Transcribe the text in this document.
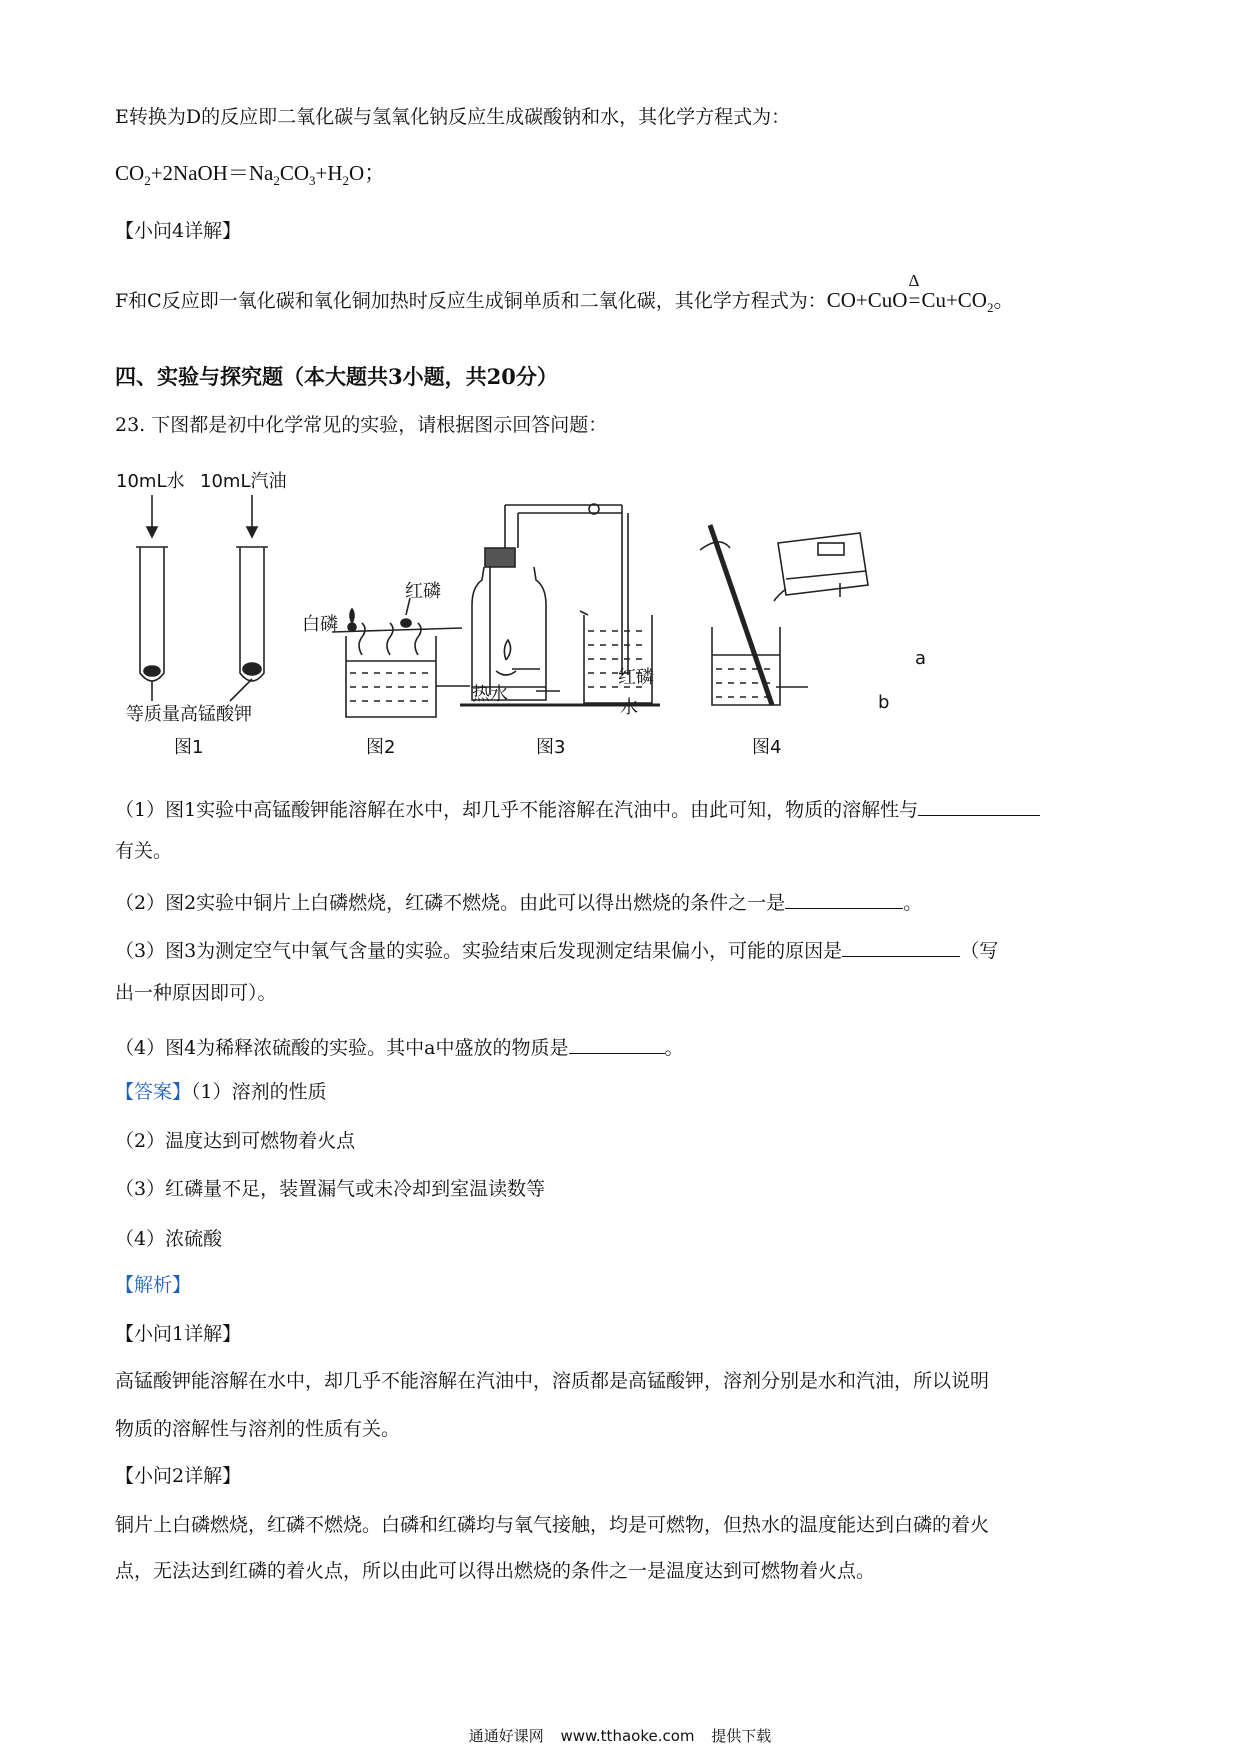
E转换为D的反应即二氧化碳与氢氧化钠反应生成碳酸钠和水，其化学方程式为：
$CO_2+2NaOH=Na_2CO_3+H_2O$；
【小问4详解】
F和C反应即一氧化碳和氧化铜加热时反应生成铜单质和二氧化碳，其化学方程式为：CO+CuO
Δ
$=Cu+CO_2$。
四、实验与探究题（本大题共3小题，共20分）
23. 下图都是初中化学常见的实验，请根据图示回答问题：
10mL水 10mL汽油
等质量高锰酸钾
白磷
红磷
热水
红磷
水
a
b
图1	图2	图3	图4
（1）图1实验中高锰酸钾能溶解在水中，却几乎不能溶解在汽油中。由此可知，物质的溶解性与
有关。
（2）图2实验中铜片上白磷燃烧，红磷不燃烧。由此可以得出燃烧的条件之一是	。
（3）图3为测定空气中氧气含量的实验。实验结束后发现测定结果偏小，可能的原因是	（写
出一种原因即可）。
（4）图4为稀释浓硫酸的实验。其中a中盛放的物质是	。
【答案】（1）溶剂的性质
（2）温度达到可燃物着火点
（3）红磷量不足，装置漏气或未冷却到室温读数等
（4）浓硫酸
【解析】
【小问1详解】
高锰酸钾能溶解在水中，却几乎不能溶解在汽油中，溶质都是高锰酸钾，溶剂分别是水和汽油，所以说明
物质的溶解性与溶剂的性质有关。
【小问2详解】
铜片上白磷燃烧，红磷不燃烧。白磷和红磷均与氧气接触，均是可燃物，但热水的温度能达到白磷的着火
点，无法达到红磷的着火点，所以由此可以得出燃烧的条件之一是温度达到可燃物着火点。
通通好课网 www.tthaoke.com 提供下载
